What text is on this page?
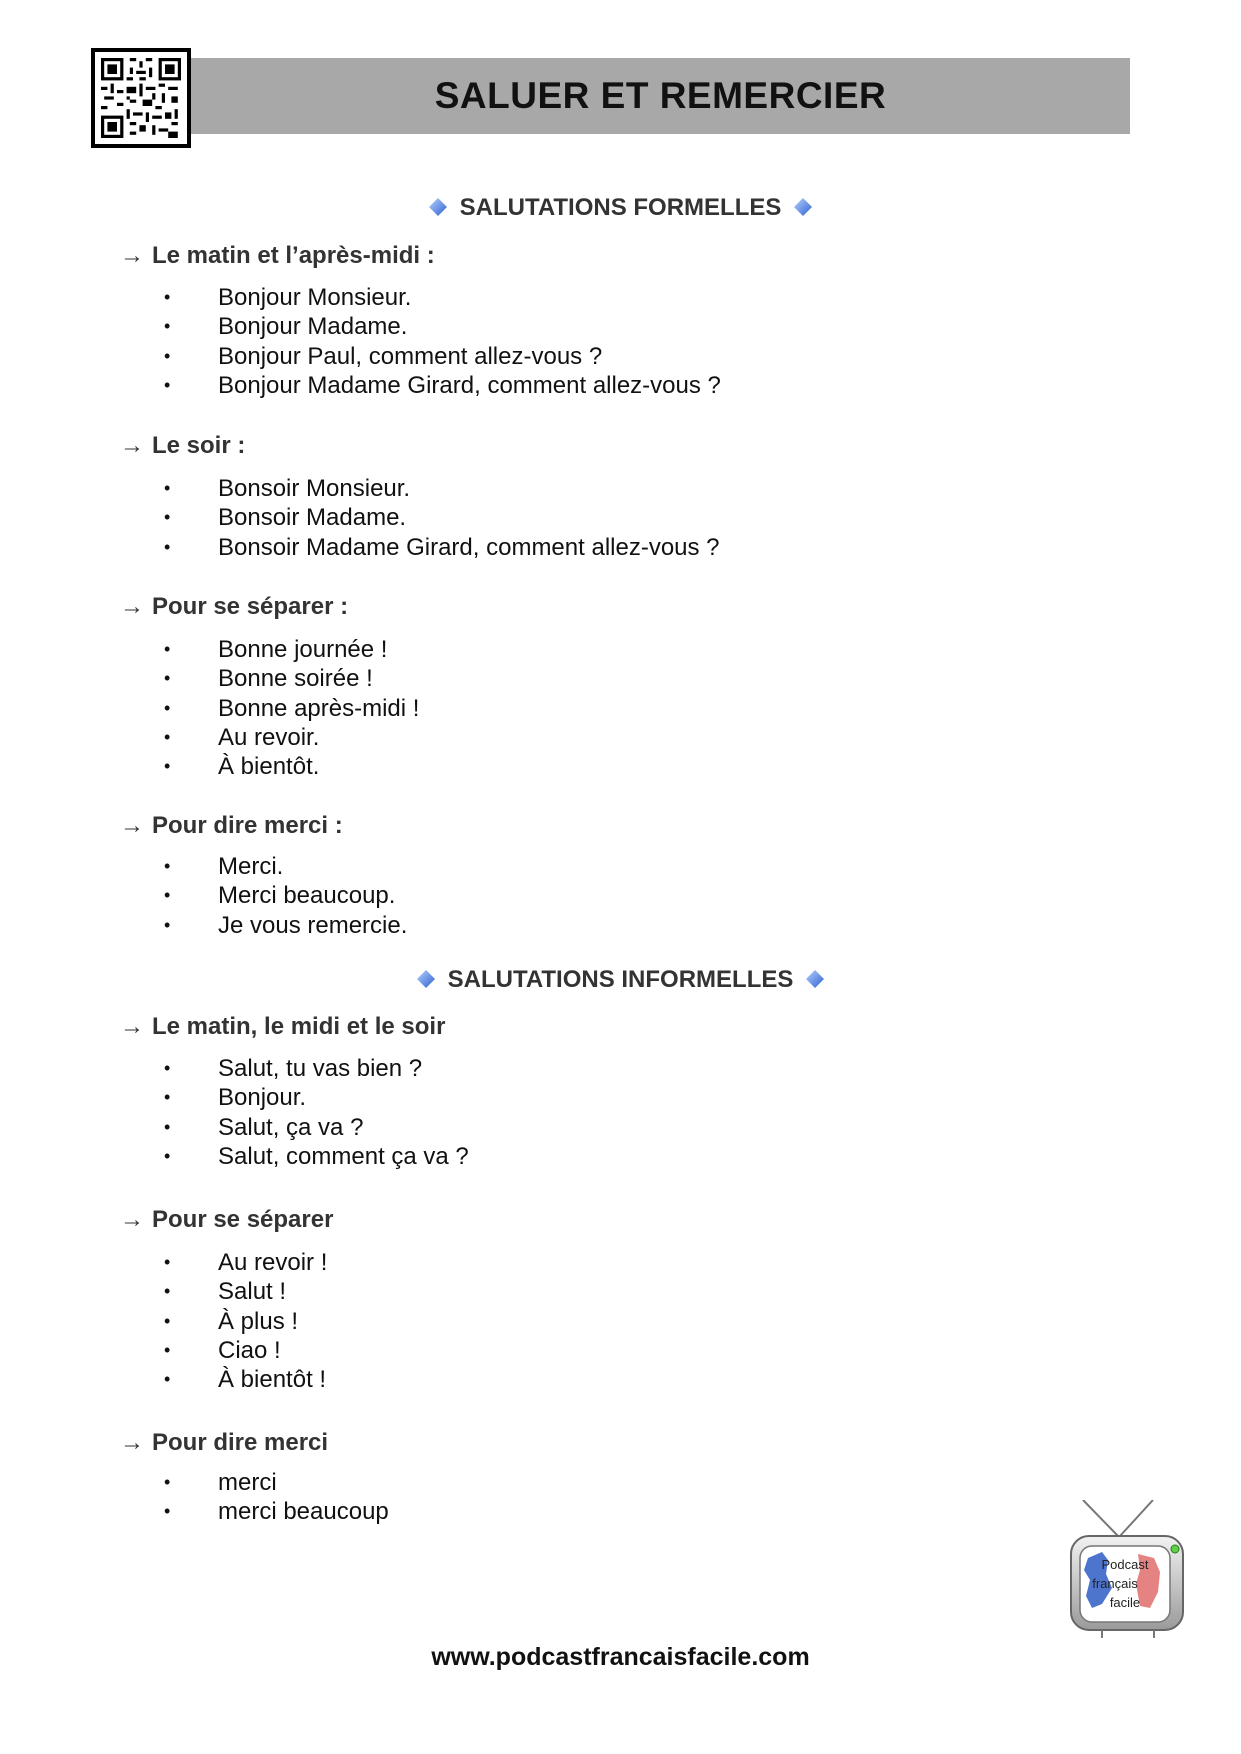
SALUER ET REMERCIER
SALUTATIONS FORMELLES
→ Le matin et l’après-midi :
• Bonjour Monsieur.
• Bonjour Madame.
• Bonjour Paul, comment allez-vous ?
• Bonjour Madame Girard, comment allez-vous ?
→ Le soir :
• Bonsoir Monsieur.
• Bonsoir Madame.
• Bonsoir Madame Girard, comment allez-vous ?
→ Pour se séparer :
• Bonne journée !
• Bonne soirée !
• Bonne après-midi !
• Au revoir.
• À bientôt.
→ Pour dire merci :
• Merci.
• Merci beaucoup.
• Je vous remercie.
SALUTATIONS INFORMELLES
→ Le matin, le midi et le soir
• Salut, tu vas bien ?
• Bonjour.
• Salut, ça va ?
• Salut, comment ça va ?
→ Pour se séparer
• Au revoir !
• Salut !
• À plus !
• Ciao !
• À bientôt !
→ Pour dire merci
• merci
• merci beaucoup
Podcast
français
facile
www.podcastfrancaisfacile.com
